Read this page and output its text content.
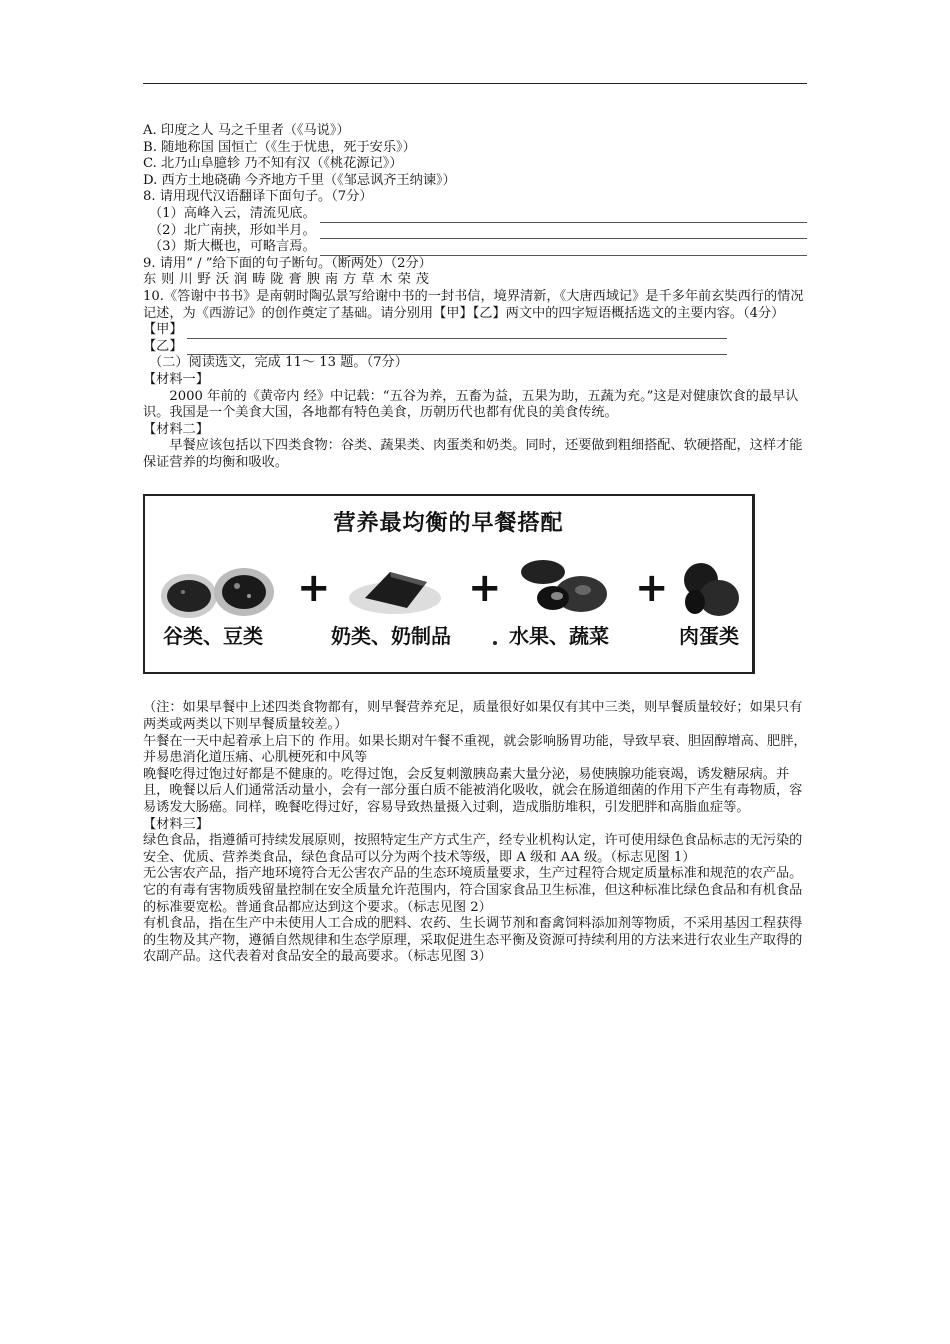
A. 印度之人 马之千里者（《马说》）
B. 随地称国 国恒亡（《生于忧患，死于安乐》）
C. 北乃山阜臆轸 乃不知有汉（《桃花源记》）
D. 西方土地硗确 今齐地方千里（《邹忌讽齐王纳谏》）
8. 请用现代汉语翻译下面句子。（7分）
（1）高峰入云，清流见底。
（2）北广南挟，形如半月。
（3）斯大概也，可略言焉。
9. 请用“ / ”给下面的句子断句。（断两处）（2分）
东则川野沃润畴陇膏腴南方草木荣茂
10.《答谢中书书》是南朝时陶弘景写给谢中书的一封书信，境界清新，《大唐西域记》是千多年前玄奘西行的情况记述，为《西游记》的创作奠定了基础。请分别用【甲】【乙】两文中的四字短语概括选文的主要内容。（4分）
【甲】
【乙】
（二）阅读选文，完成 11～ 13 题。（7分）
【材料一】
2000 年前的《黄帝内 经》中记载：“五谷为养，五畜为益，五果为助，五蔬为充。”这是对健康饮食的最早认识。我国是一个美食大国，各地都有特色美食，历朝历代也都有优良的美食传统。
【材料二】
早餐应该包括以下四类食物：谷类、蔬果类、肉蛋类和奶类。同时，还要做到粗细搭配、软硬搭配，这样才能保证营养的均衡和吸收。
营养最均衡的早餐搭配
+	+	+
谷类、豆类	奶类、奶制品	水果、蔬菜	肉蛋类
（注：如果早餐中上述四类食物都有，则早餐营养充足，质量很好如果仅有其中三类，则早餐质量较好；如果只有两类或两类以下则早餐质量较差。）
午餐在一天中起着承上启下的 作用。如果长期对午餐不重视，就会影响肠胃功能，导致早衰、胆固醇增高、肥胖，并易患消化道压痛、心肌梗死和中风等
晚餐吃得过饱过好都是不健康的。吃得过饱，会反复刺激胰岛素大量分泌，易使胰腺功能衰竭，诱发糖尿病。并且，晚餐以后人们通常活动量小，会有一部分蛋白质不能被消化吸收，就会在肠道细菌的作用下产生有毒物质，容易诱发大肠癌。同样，晚餐吃得过好，容易导致热量摄入过剩，造成脂肪堆积，引发肥胖和高脂血症等。
【材料三】
绿色食品，指遵循可持续发展原则，按照特定生产方式生产，经专业机构认定，许可使用绿色食品标志的无污染的安全、优质、营养类食品，绿色食品可以分为两个技术等级，即 A 级和 AA 级。（标志见图 1）
无公害农产品，指产地环境符合无公害农产品的生态环境质量要求，生产过程符合规定质量标准和规范的农产品。它的有毒有害物质残留量控制在安全质量允许范围内，符合国家食品卫生标准，但这种标准比绿色食品和有机食品的标准要宽松。普通食品都应达到这个要求。（标志见图 2）
有机食品，指在生产中未使用人工合成的肥料、农药、生长调节剂和畜禽饲料添加剂等物质，不采用基因工程获得的生物及其产物，遵循自然规律和生态学原理，采取促进生态平衡及资源可持续利用的方法来进行农业生产取得的农副产品。这代表着对食品安全的最高要求。（标志见图 3）
